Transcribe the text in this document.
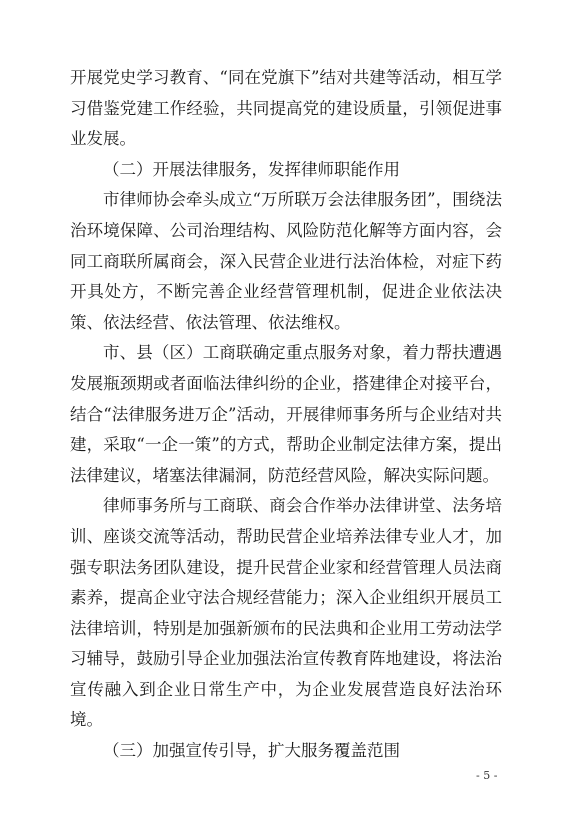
开展党史学习教育、“同在党旗下”结对共建等活动，相互学习借鉴党建工作经验，共同提高党的建设质量，引领促进事业发展。

（二）开展法律服务，发挥律师职能作用

市律师协会牵头成立“万所联万会法律服务团”，围绕法治环境保障、公司治理结构、风险防范化解等方面内容，会同工商联所属商会，深入民营企业进行法治体检，对症下药开具处方，不断完善企业经营管理机制，促进企业依法决策、依法经营、依法管理、依法维权。

市、县（区）工商联确定重点服务对象，着力帮扶遭遇发展瓶颈期或者面临法律纠纷的企业，搭建律企对接平台，结合“法律服务进万企”活动，开展律师事务所与企业结对共建，采取“一企一策”的方式，帮助企业制定法律方案，提出法律建议，堵塞法律漏洞，防范经营风险，解决实际问题。

律师事务所与工商联、商会合作举办法律讲堂、法务培训、座谈交流等活动，帮助民营企业培养法律专业人才，加强专职法务团队建设，提升民营企业家和经营管理人员法商素养，提高企业守法合规经营能力；深入企业组织开展员工法律培训，特别是加强新颁布的民法典和企业用工劳动法学习辅导，鼓励引导企业加强法治宣传教育阵地建设，将法治宣传融入到企业日常生产中，为企业发展营造良好法治环境。

（三）加强宣传引导，扩大服务覆盖范围

- 5 -
